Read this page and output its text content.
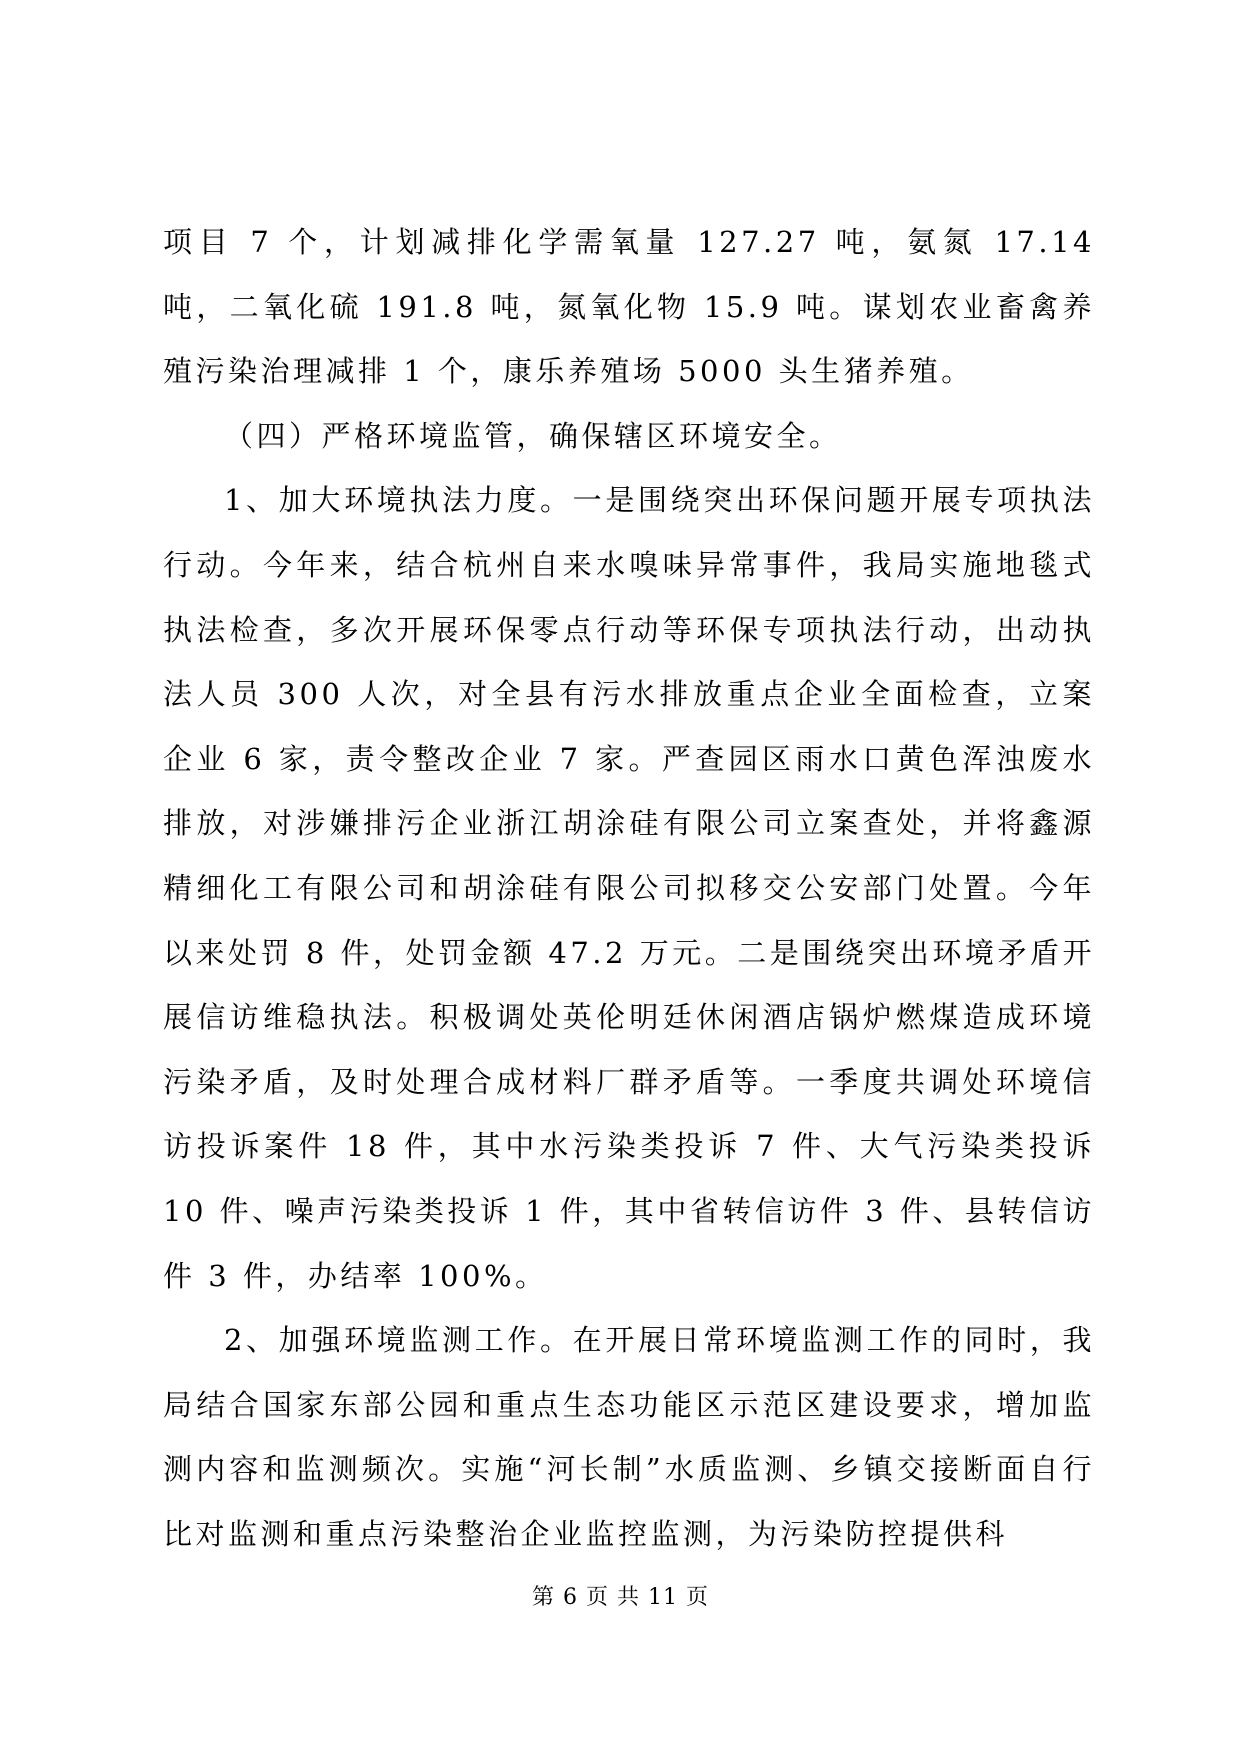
项目 7 个，计划减排化学需氧量 127.27 吨，氨氮 17.14 吨，二氧化硫 191.8 吨，氮氧化物 15.9 吨。谋划农业畜禽养殖污染治理减排 1 个，康乐养殖场 5000 头生猪养殖。

（四）严格环境监管，确保辖区环境安全。

1、加大环境执法力度。一是围绕突出环保问题开展专项执法行动。今年来，结合杭州自来水嗅味异常事件，我局实施地毯式执法检查，多次开展环保零点行动等环保专项执法行动，出动执法人员 300 人次，对全县有污水排放重点企业全面检查，立案企业 6 家，责令整改企业 7 家。严查园区雨水口黄色浑浊废水排放，对涉嫌排污企业浙江胡涂硅有限公司立案查处，并将鑫源精细化工有限公司和胡涂硅有限公司拟移交公安部门处置。今年以来处罚 8 件，处罚金额 47.2 万元。二是围绕突出环境矛盾开展信访维稳执法。积极调处英伦明廷休闲酒店锅炉燃煤造成环境污染矛盾，及时处理合成材料厂群矛盾等。一季度共调处环境信访投诉案件 18 件，其中水污染类投诉 7 件、大气污染类投诉 10 件、噪声污染类投诉 1 件，其中省转信访件 3 件、县转信访件 3 件，办结率 100%。

2、加强环境监测工作。在开展日常环境监测工作的同时，我局结合国家东部公园和重点生态功能区示范区建设要求，增加监测内容和监测频次。实施“河长制”水质监测、乡镇交接断面自行比对监测和重点污染整治企业监控监测，为污染防控提供科

第 6 页 共 11 页
